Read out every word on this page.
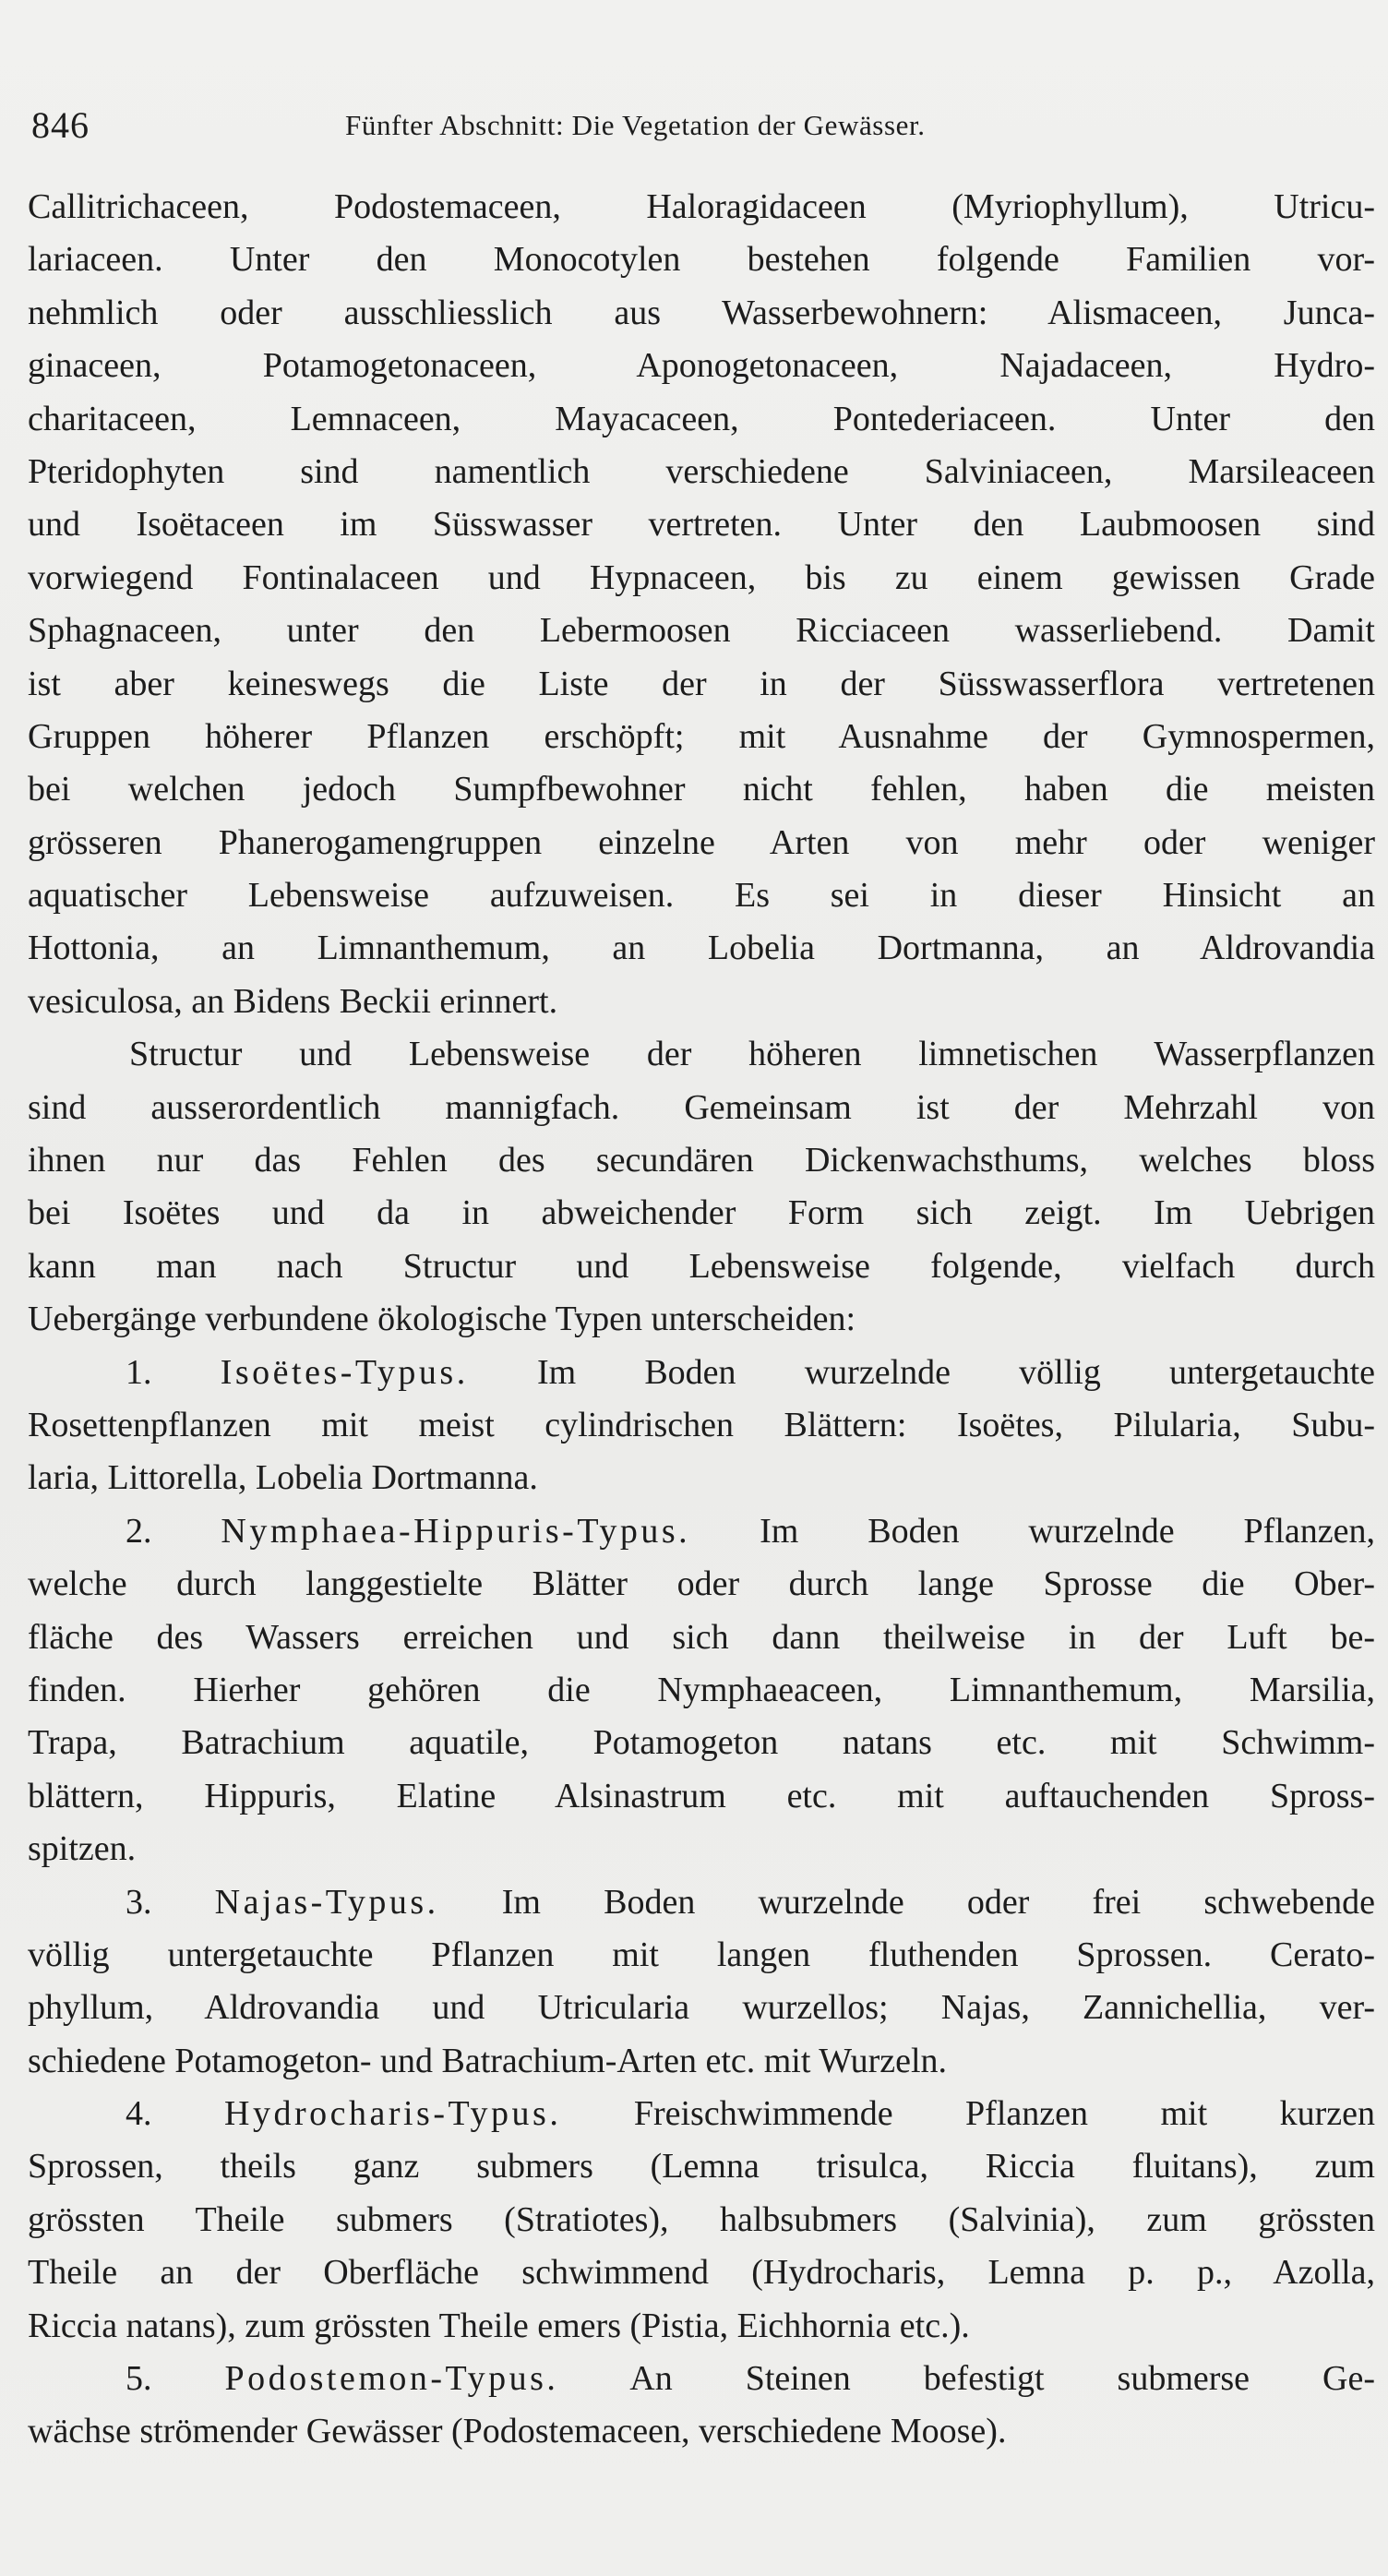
846	Fünfter Abschnitt: Die Vegetation der Gewässer.
Callitrichaceen, Podostemaceen, Haloragidaceen (Myriophyllum), Utricu-
lariaceen. Unter den Monocotylen bestehen folgende Familien vor-
nehmlich oder ausschliesslich aus Wasserbewohnern: Alismaceen, Junca-
ginaceen, Potamogetonaceen, Aponogetonaceen, Najadaceen, Hydro-
charitaceen, Lemnaceen, Mayacaceen, Pontederiaceen. Unter den
Pteridophyten sind namentlich verschiedene Salviniaceen, Marsileaceen
und Isoëtaceen im Süsswasser vertreten. Unter den Laubmoosen sind
vorwiegend Fontinalaceen und Hypnaceen, bis zu einem gewissen Grade
Sphagnaceen, unter den Lebermoosen Ricciaceen wasserliebend. Damit
ist aber keineswegs die Liste der in der Süsswasserflora vertretenen
Gruppen höherer Pflanzen erschöpft; mit Ausnahme der Gymnospermen,
bei welchen jedoch Sumpfbewohner nicht fehlen, haben die meisten
grösseren Phanerogamengruppen einzelne Arten von mehr oder weniger
aquatischer Lebensweise aufzuweisen. Es sei in dieser Hinsicht an
Hottonia, an Limnanthemum, an Lobelia Dortmanna, an Aldrovandia
vesiculosa, an Bidens Beckii erinnert.
Structur und Lebensweise der höheren limnetischen Wasserpflanzen
sind ausserordentlich mannigfach. Gemeinsam ist der Mehrzahl von
ihnen nur das Fehlen des secundären Dickenwachsthums, welches bloss
bei Isoëtes und da in abweichender Form sich zeigt. Im Uebrigen
kann man nach Structur und Lebensweise folgende, vielfach durch
Uebergänge verbundene ökologische Typen unterscheiden:
1. Isoëtes-Typus. Im Boden wurzelnde völlig untergetauchte
Rosettenpflanzen mit meist cylindrischen Blättern: Isoëtes, Pilularia, Subu-
laria, Littorella, Lobelia Dortmanna.
2. Nymphaea-Hippuris-Typus. Im Boden wurzelnde Pflanzen,
welche durch langgestielte Blätter oder durch lange Sprosse die Ober-
fläche des Wassers erreichen und sich dann theilweise in der Luft be-
finden. Hierher gehören die Nymphaeaceen, Limnanthemum, Marsilia,
Trapa, Batrachium aquatile, Potamogeton natans etc. mit Schwimm-
blättern, Hippuris, Elatine Alsinastrum etc. mit auftauchenden Spross-
spitzen.
3. Najas-Typus. Im Boden wurzelnde oder frei schwebende
völlig untergetauchte Pflanzen mit langen fluthenden Sprossen. Cerato-
phyllum, Aldrovandia und Utricularia wurzellos; Najas, Zannichellia, ver-
schiedene Potamogeton- und Batrachium-Arten etc. mit Wurzeln.
4. Hydrocharis-Typus. Freischwimmende Pflanzen mit kurzen
Sprossen, theils ganz submers (Lemna trisulca, Riccia fluitans), zum
grössten Theile submers (Stratiotes), halbsubmers (Salvinia), zum grössten
Theile an der Oberfläche schwimmend (Hydrocharis, Lemna p. p., Azolla,
Riccia natans), zum grössten Theile emers (Pistia, Eichhornia etc.).
5. Podostemon-Typus. An Steinen befestigt submerse Ge-
wächse strömender Gewässer (Podostemaceen, verschiedene Moose).
